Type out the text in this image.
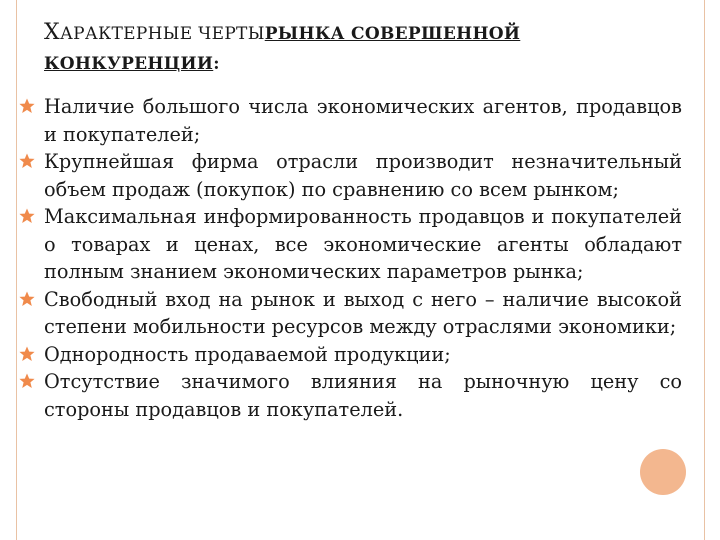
ХАРАКТЕРНЫЕ ЧЕРТЫРЫНКА СОВЕРШЕННОЙ КОНКУРЕНЦИИ:
Наличие большого числа экономических агентов, продавцов и покупателей;
Крупнейшая фирма отрасли производит незначительный объем продаж (покупок) по сравнению со всем рынком;
Максимальная информированность продавцов и покупателей о товарах и ценах, все экономические агенты обладают полным знанием экономических параметров рынка;
Свободный вход на рынок и выход с него – наличие высокой степени мобильности ресурсов между отраслями экономики;
Однородность продаваемой продукции;
Отсутствие значимого влияния на рыночную цену со стороны продавцов и покупателей.
